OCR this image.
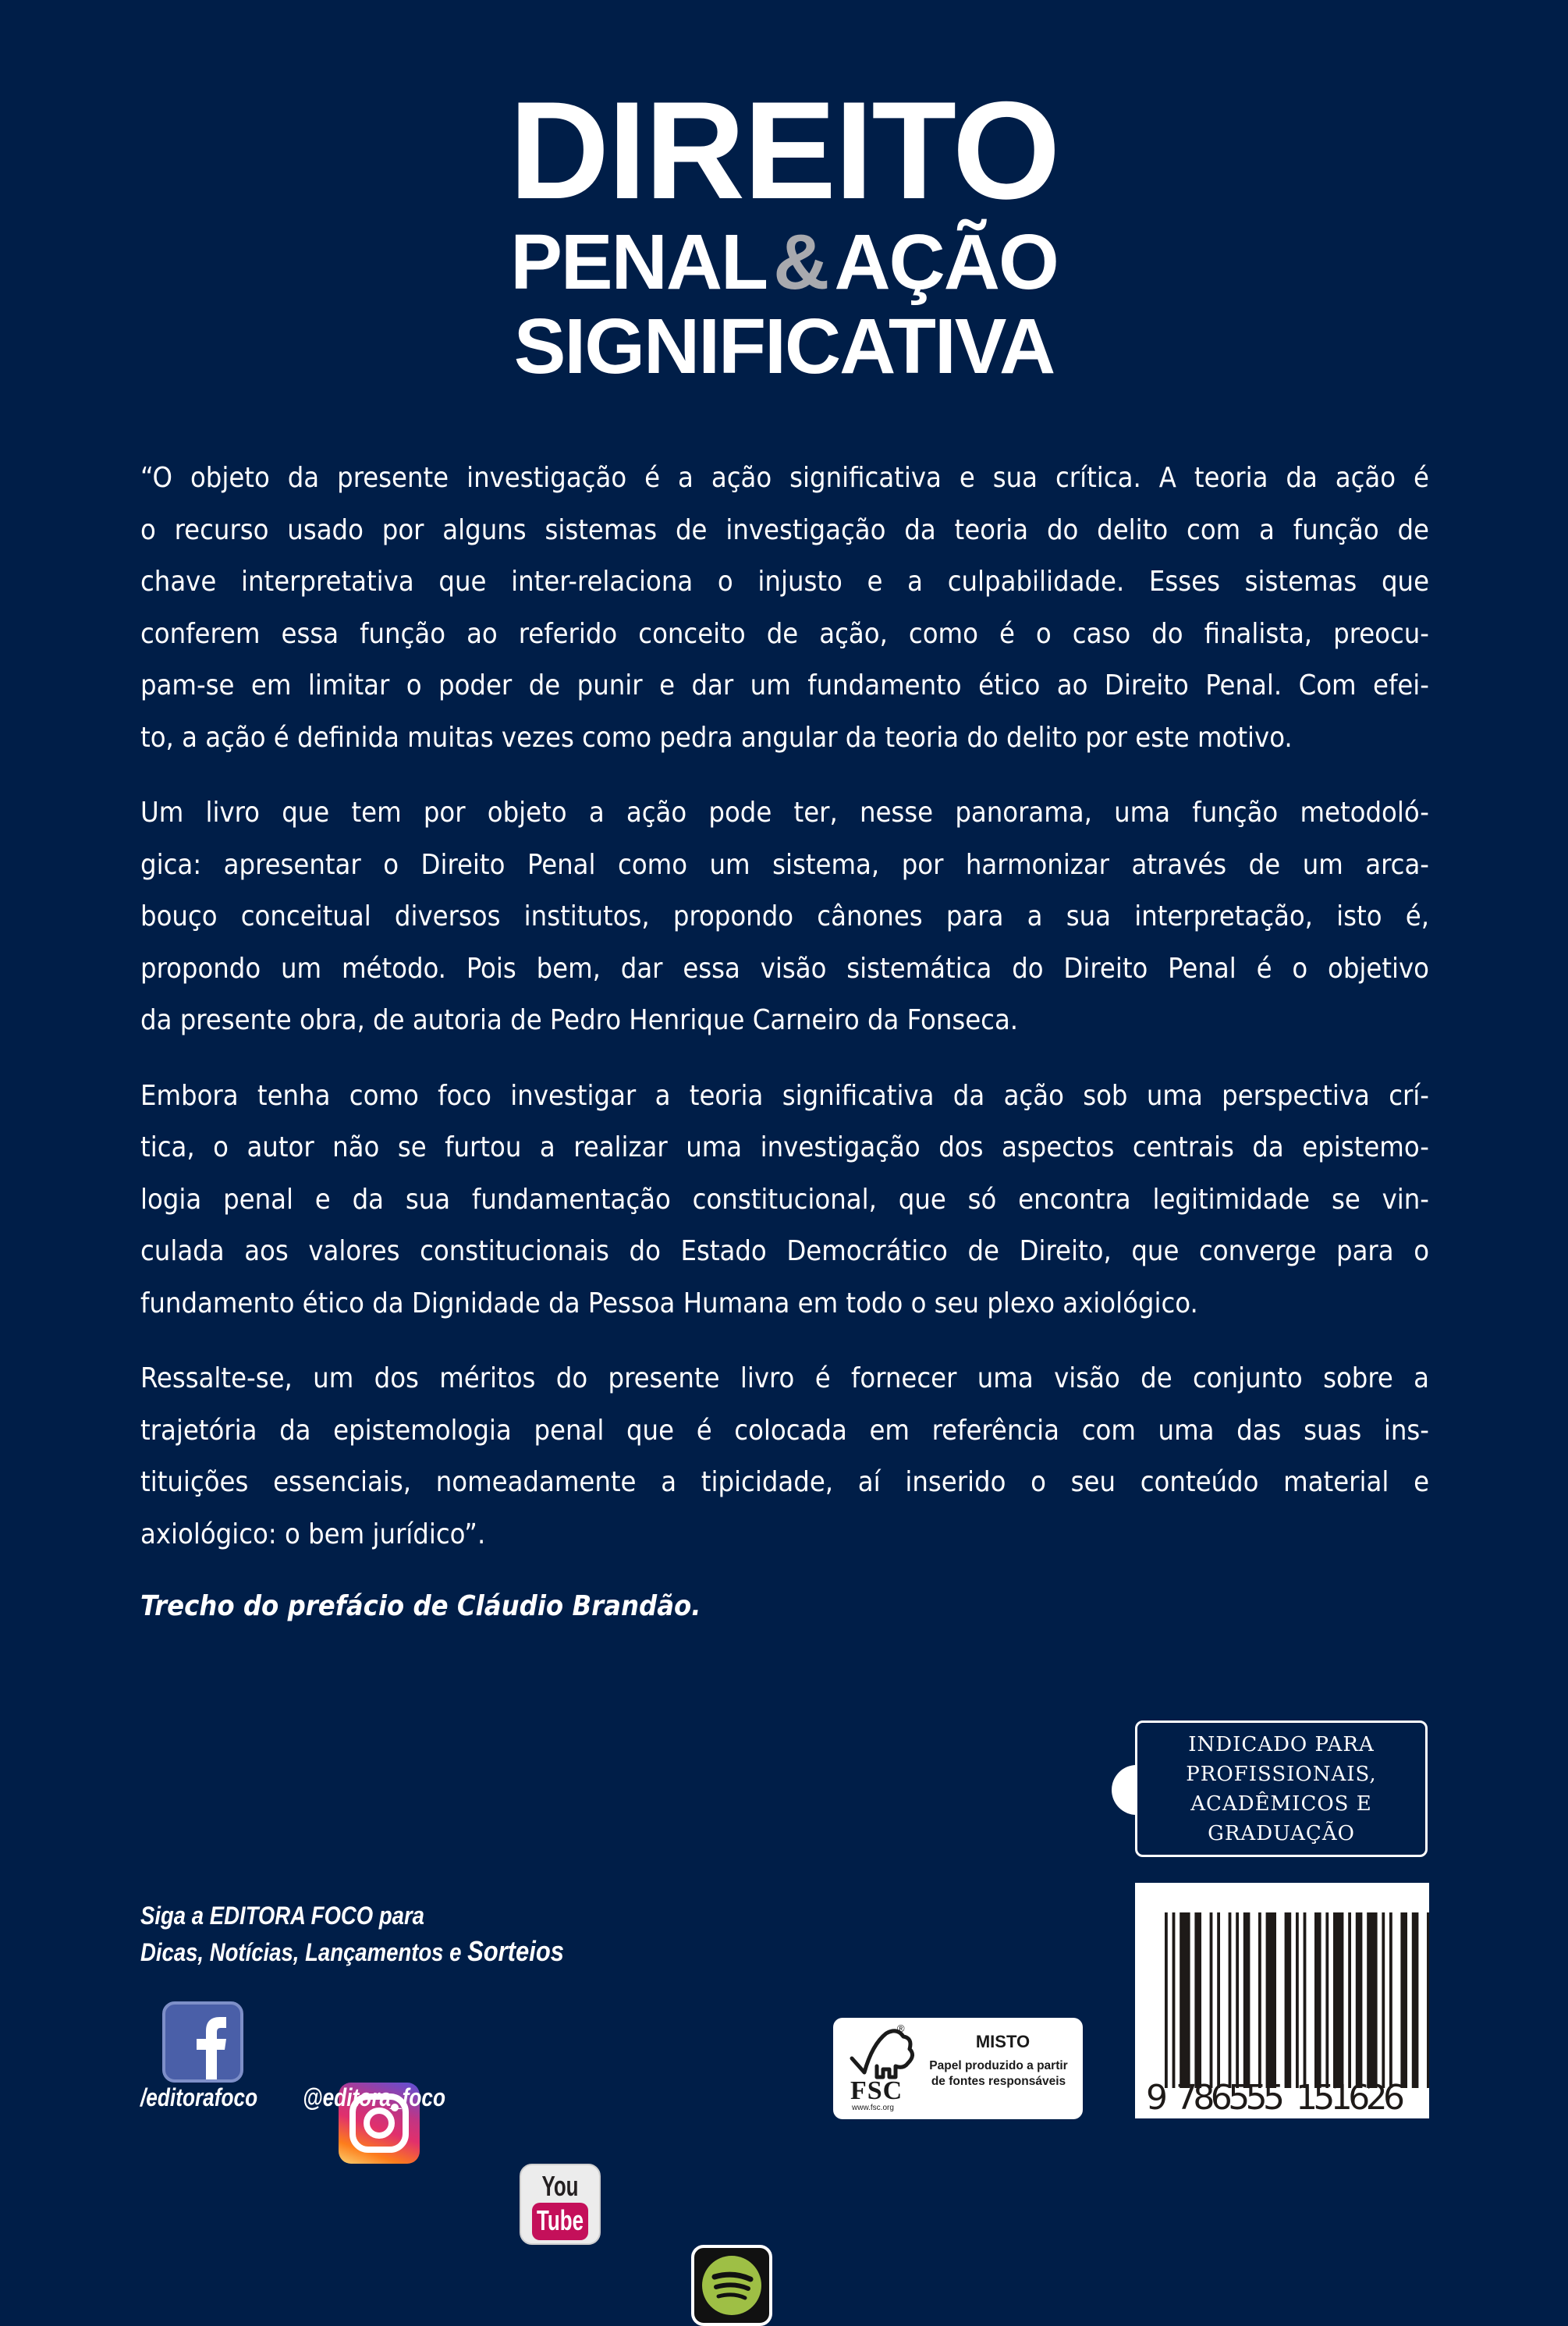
DIREITO
PENAL&AÇÃO
SIGNIFICATIVA
“O objeto da presente investigação é a ação significativa e sua crítica. A teoria da ação é
o recurso usado por alguns sistemas de investigação da teoria do delito com a função de
chave interpretativa que inter-relaciona o injusto e a culpabilidade. Esses sistemas que
conferem essa função ao referido conceito de ação, como é o caso do finalista, preocu-
pam-se em limitar o poder de punir e dar um fundamento ético ao Direito Penal. Com efei-
to, a ação é definida muitas vezes como pedra angular da teoria do delito por este motivo.
Um livro que tem por objeto a ação pode ter, nesse panorama, uma função metodoló-
gica: apresentar o Direito Penal como um sistema, por harmonizar através de um arca-
bouço conceitual diversos institutos, propondo cânones para a sua interpretação, isto é,
propondo um método. Pois bem, dar essa visão sistemática do Direito Penal é o objetivo
da presente obra, de autoria de Pedro Henrique Carneiro da Fonseca.
Embora tenha como foco investigar a teoria significativa da ação sob uma perspectiva crí-
tica, o autor não se furtou a realizar uma investigação dos aspectos centrais da epistemo-
logia penal e da sua fundamentação constitucional, que só encontra legitimidade se vin-
culada aos valores constitucionais do Estado Democrático de Direito, que converge para o
fundamento ético da Dignidade da Pessoa Humana em todo o seu plexo axiológico.
Ressalte-se, um dos méritos do presente livro é fornecer uma visão de conjunto sobre a
trajetória da epistemologia penal que é colocada em referência com uma das suas ins-
tituições essenciais, nomeadamente a tipicidade, aí inserido o seu conteúdo material e
axiológico: o bem jurídico”.
Trecho do prefácio de Cláudio Brandão.
INDICADO PARA
PROFISSIONAIS,
ACADÊMICOS E
GRADUAÇÃO
9 786555 151626
Siga a EDITORA FOCO para
Dicas, Notícias, Lançamentos e Sorteios
/editorafoco @editora_foco
You
Tube
®
FSC
www.fsc.org
MISTO
Papel produzido a partir
de fontes responsáveis
